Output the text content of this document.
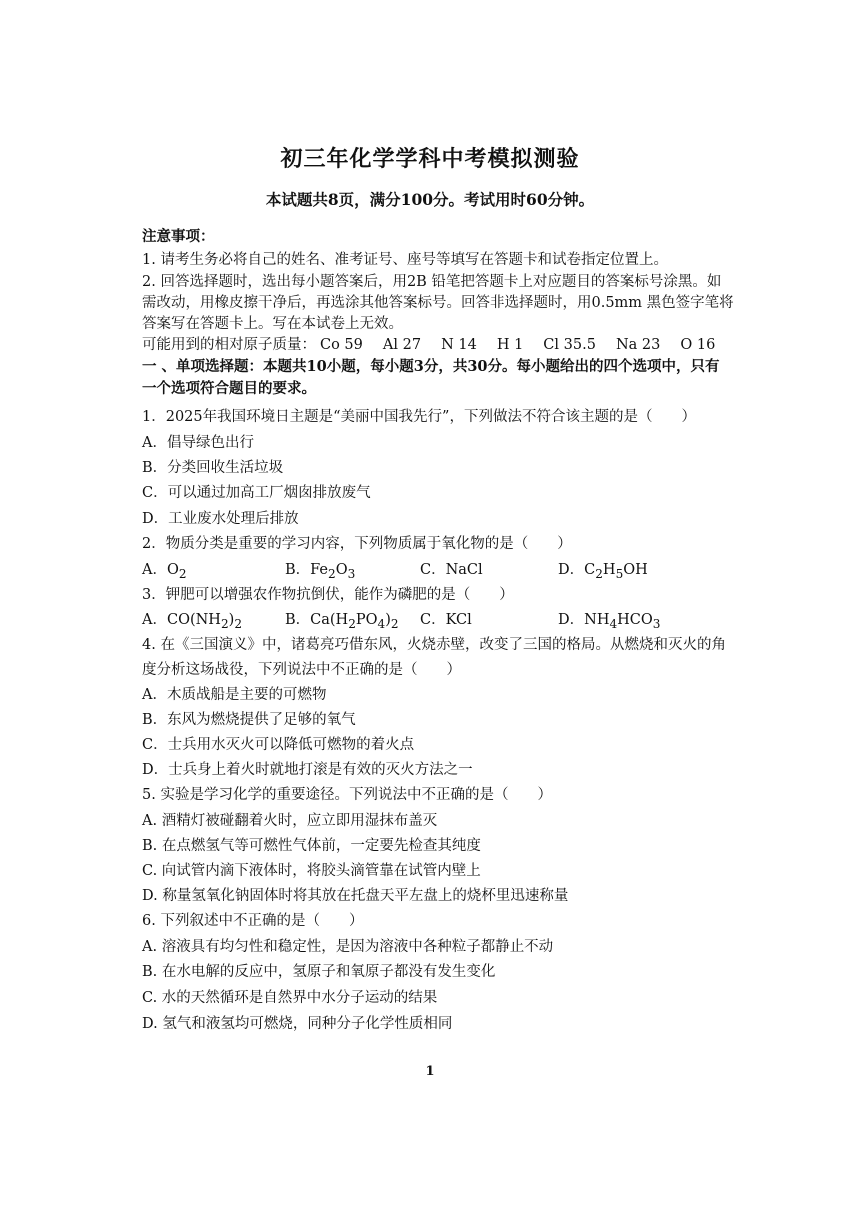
初三年化学学科中考模拟测验
本试题共8页，满分100分。考试用时60分钟。
注意事项：
1. 请考生务必将自己的姓名、准考证号、座号等填写在答题卡和试卷指定位置上。
2. 回答选择题时，选出每小题答案后，用2B 铅笔把答题卡上对应题目的答案标号涂黑。如
需改动，用橡皮擦干净后，再选涂其他答案标号。回答非选择题时，用0.5mm 黑色签字笔将
答案写在答题卡上。写在本试卷上无效。
可能用到的相对原子质量： Co 59 Al 27 N 14 H 1 Cl 35.5 Na 23 O 16
一 、单项选择题：本题共10小题，每小题3分，共30分。每小题给出的四个选项中，只有
一个选项符合题目的要求。
1．2025年我国环境日主题是“美丽中国我先行”，下列做法不符合该主题的是（　　）
A．倡导绿色出行
B．分类回收生活垃圾
C．可以通过加高工厂烟囱排放废气
D．工业废水处理后排放
2．物质分类是重要的学习内容，下列物质属于氧化物的是（　　）
A．$O_2$	B．$Fe_2O_3$	C．NaCl	D．$C_2H_5OH$
3．钾肥可以增强农作物抗倒伏，能作为磷肥的是（　　）
A．$CO(NH_2)_2$	B．$Ca(H_2PO_4)_2$ C．KCl	D．$NH_4HCO_3$
4. 在《三国演义》中，诸葛亮巧借东风，火烧赤壁，改变了三国的格局。从燃烧和灭火的角
度分析这场战役，下列说法中不正确的是（　　）
A．木质战船是主要的可燃物
B．东风为燃烧提供了足够的氧气
C．士兵用水灭火可以降低可燃物的着火点
D．士兵身上着火时就地打滚是有效的灭火方法之一
5. 实验是学习化学的重要途径。下列说法中不正确的是（　　）
A. 酒精灯被碰翻着火时，应立即用湿抹布盖灭
B. 在点燃氢气等可燃性气体前，一定要先检查其纯度
C. 向试管内滴下液体时，将胶头滴管靠在试管内壁上
D. 称量氢氧化钠固体时将其放在托盘天平左盘上的烧杯里迅速称量
6. 下列叙述中不正确的是（　　）
A. 溶液具有均匀性和稳定性，是因为溶液中各种粒子都静止不动
B. 在水电解的反应中，氢原子和氧原子都没有发生变化
C. 水的天然循环是自然界中水分子运动的结果
D. 氢气和液氢均可燃烧，同种分子化学性质相同
1
